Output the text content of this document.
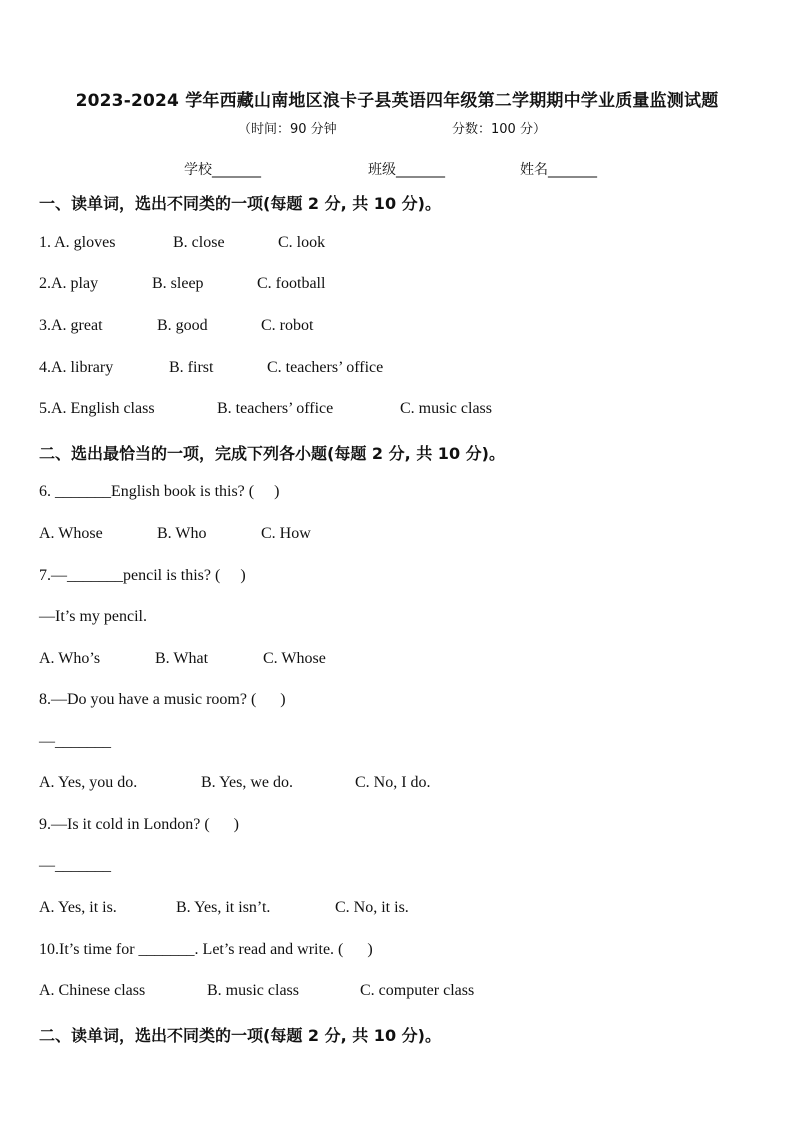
2023-2024 学年西藏山南地区浪卡子县英语四年级第二学期期中学业质量监测试题
（时间：90 分钟	分数：100 分）
学校_______	班级_______	姓名_______
一、读单词，选出不同类的一项(每题 2 分, 共 10 分)。
1. A. gloves	B. close	C. look
2.A. play	B. sleep	C. football
3.A. great	B. good	C. robot
4.A. library	B. first	C. teachers’ office
5.A. English class	B. teachers’ office	C. music class
二、选出最恰当的一项，完成下列各小题(每题 2 分, 共 10 分)。
6. _______English book is this? (     )
A. Whose	B. Who	C. How
7.—_______pencil is this? (     )
—It’s my pencil.
A. Who’s	B. What	C. Whose
8.—Do you have a music room? (      )
—_______
A. Yes, you do.	B. Yes, we do.	C. No, I do.
9.—Is it cold in London? (      )
—_______
A. Yes, it is.	B. Yes, it isn’t.	C. No, it is.
10.It’s time for _______. Let’s read and write. (      )
A. Chinese class	B. music class	C. computer class
二、读单词，选出不同类的一项(每题 2 分, 共 10 分)。
